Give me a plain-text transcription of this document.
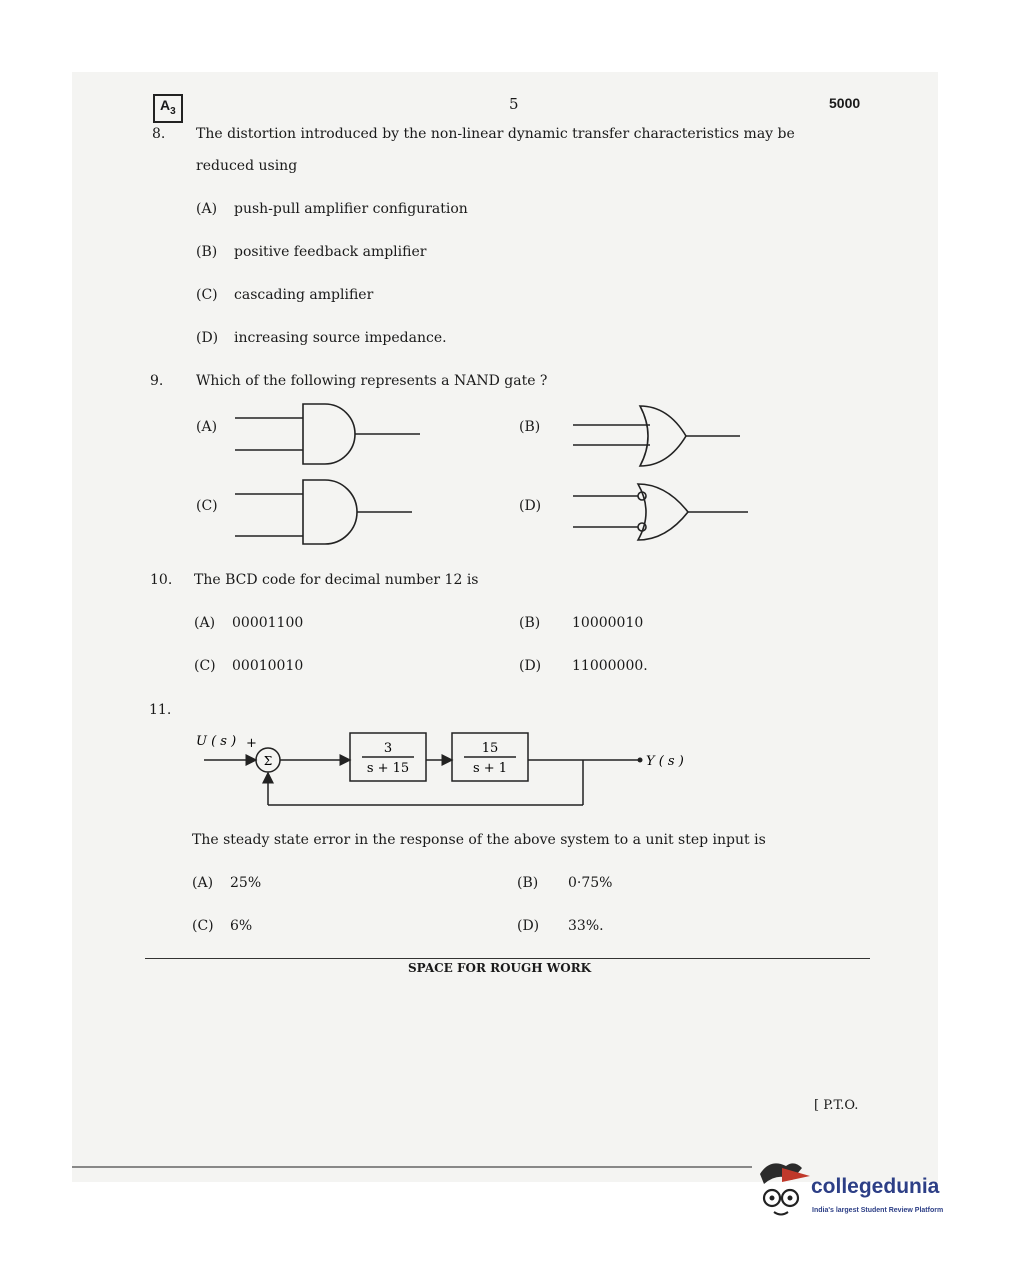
$A_3$	5	5000
8. The distortion introduced by the non-linear dynamic transfer characteristics may be
reduced using
(A) push-pull amplifier configuration
(B) positive feedback amplifier
(C) cascading amplifier
(D) increasing source impedance.
9. Which of the following represents a NAND gate ?
(A)	(B)
(C)	(D)
10. The BCD code for decimal number 12 is
(A) 00001100	(B) 10000010
(C) 00010010	(D) 11000000.
11.
U ( s ) +
Σ
3
s + 15
15
s + 1	Y ( s )
The steady state error in the response of the above system to a unit step input is
(A) 25%	(B) 0·75%
(C) 6%	(D) 33%.
SPACE FOR ROUGH WORK
[ P.T.O.
collegedunia
India's largest Student Review Platform
